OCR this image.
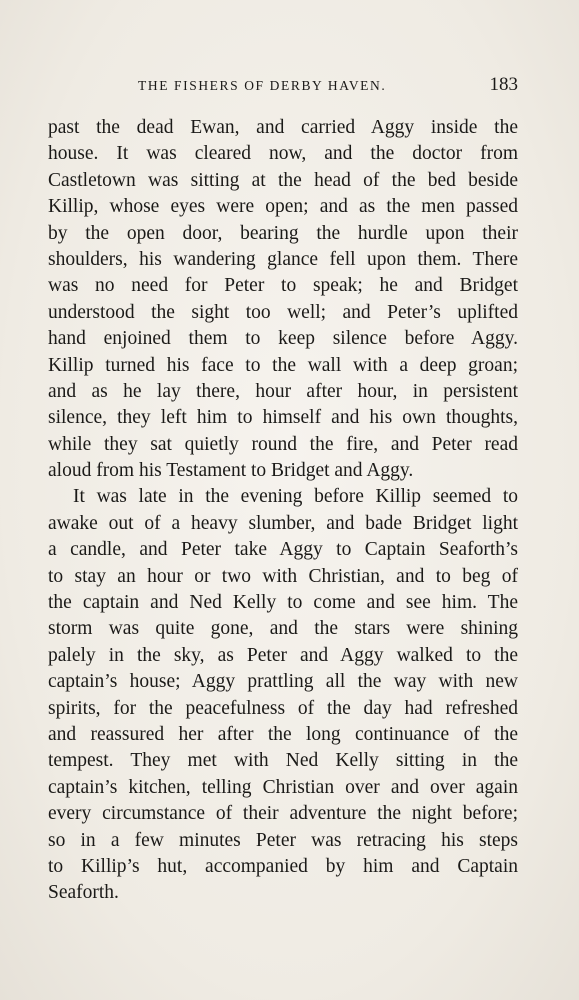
THE FISHERS OF DERBY HAVEN.	183
past the dead Ewan, and carried Aggy inside the
house. It was cleared now, and the doctor from
Castletown was sitting at the head of the bed beside
Killip, whose eyes were open; and as the men passed
by the open door, bearing the hurdle upon their
shoulders, his wandering glance fell upon them. There
was no need for Peter to speak; he and Bridget
understood the sight too well; and Peter’s uplifted
hand enjoined them to keep silence before Aggy.
Killip turned his face to the wall with a deep groan;
and as he lay there, hour after hour, in persistent
silence, they left him to himself and his own thoughts,
while they sat quietly round the fire, and Peter read
aloud from his Testament to Bridget and Aggy.
It was late in the evening before Killip seemed to
awake out of a heavy slumber, and bade Bridget light
a candle, and Peter take Aggy to Captain Seaforth’s
to stay an hour or two with Christian, and to beg of
the captain and Ned Kelly to come and see him. The
storm was quite gone, and the stars were shining
palely in the sky, as Peter and Aggy walked to the
captain’s house; Aggy prattling all the way with new
spirits, for the peacefulness of the day had refreshed
and reassured her after the long continuance of the
tempest. They met with Ned Kelly sitting in the
captain’s kitchen, telling Christian over and over again
every circumstance of their adventure the night before;
so in a few minutes Peter was retracing his steps
to Killip’s hut, accompanied by him and Captain
Seaforth.
